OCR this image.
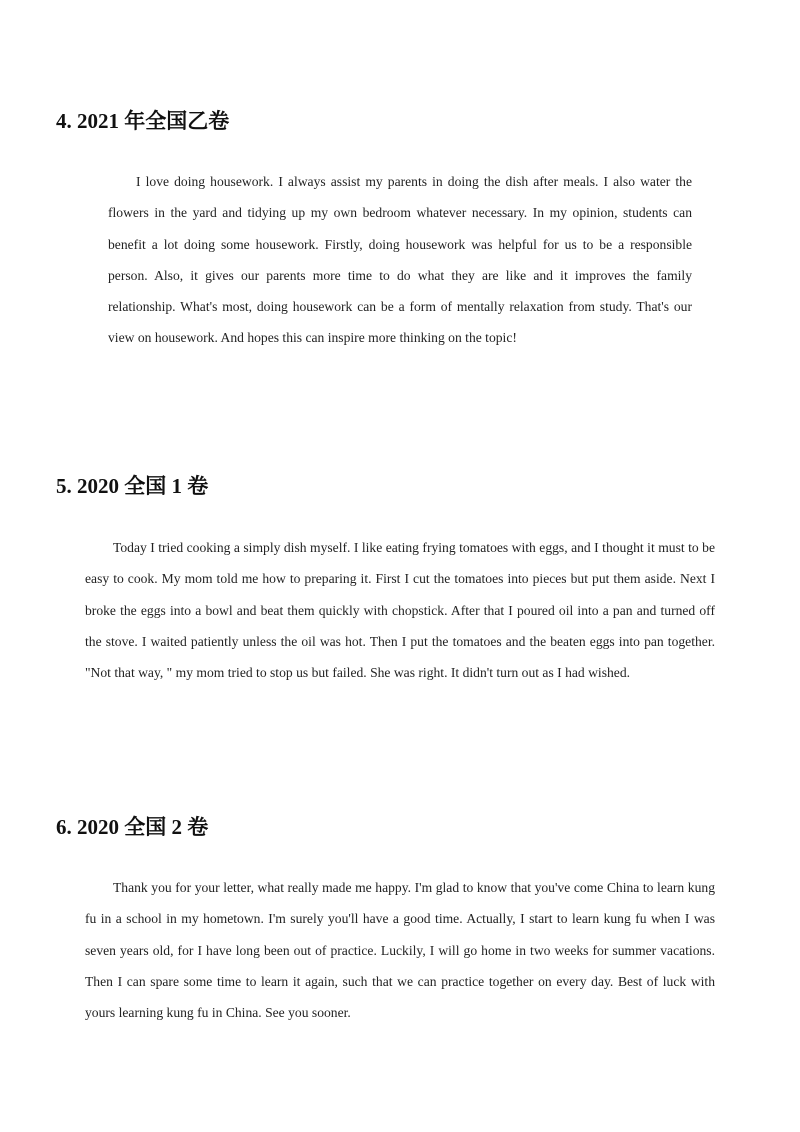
4. 2021 年全国乙卷

I love doing housework. I always assist my parents in doing the dish after meals. I also water the flowers in the yard and tidying up my own bedroom whatever necessary. In my opinion, students can benefit a lot doing some housework. Firstly, doing housework was helpful for us to be a responsible person. Also, it gives our parents more time to do what they are like and it improves the family relationship. What's most, doing housework can be a form of mentally relaxation from study. That's our view on housework. And hopes this can inspire more thinking on the topic!

5. 2020 全国 1 卷

Today I tried cooking a simply dish myself. I like eating frying tomatoes with eggs, and I thought it must to be easy to cook. My mom told me how to preparing it. First I cut the tomatoes into pieces but put them aside. Next I broke the eggs into a bowl and beat them quickly with chopstick. After that I poured oil into a pan and turned off the stove. I waited patiently unless the oil was hot. Then I put the tomatoes and the beaten eggs into pan together. "Not that way, " my mom tried to stop us but failed. She was right. It didn't turn out as I had wished.

6. 2020 全国 2 卷

Thank you for your letter, what really made me happy. I'm glad to know that you've come China to learn kung fu in a school in my hometown. I'm surely you'll have a good time. Actually, I start to learn kung fu when I was seven years old, for I have long been out of practice. Luckily, I will go home in two weeks for summer vacations. Then I can spare some time to learn it again, such that we can practice together on every day. Best of luck with yours learning kung fu in China. See you sooner.
